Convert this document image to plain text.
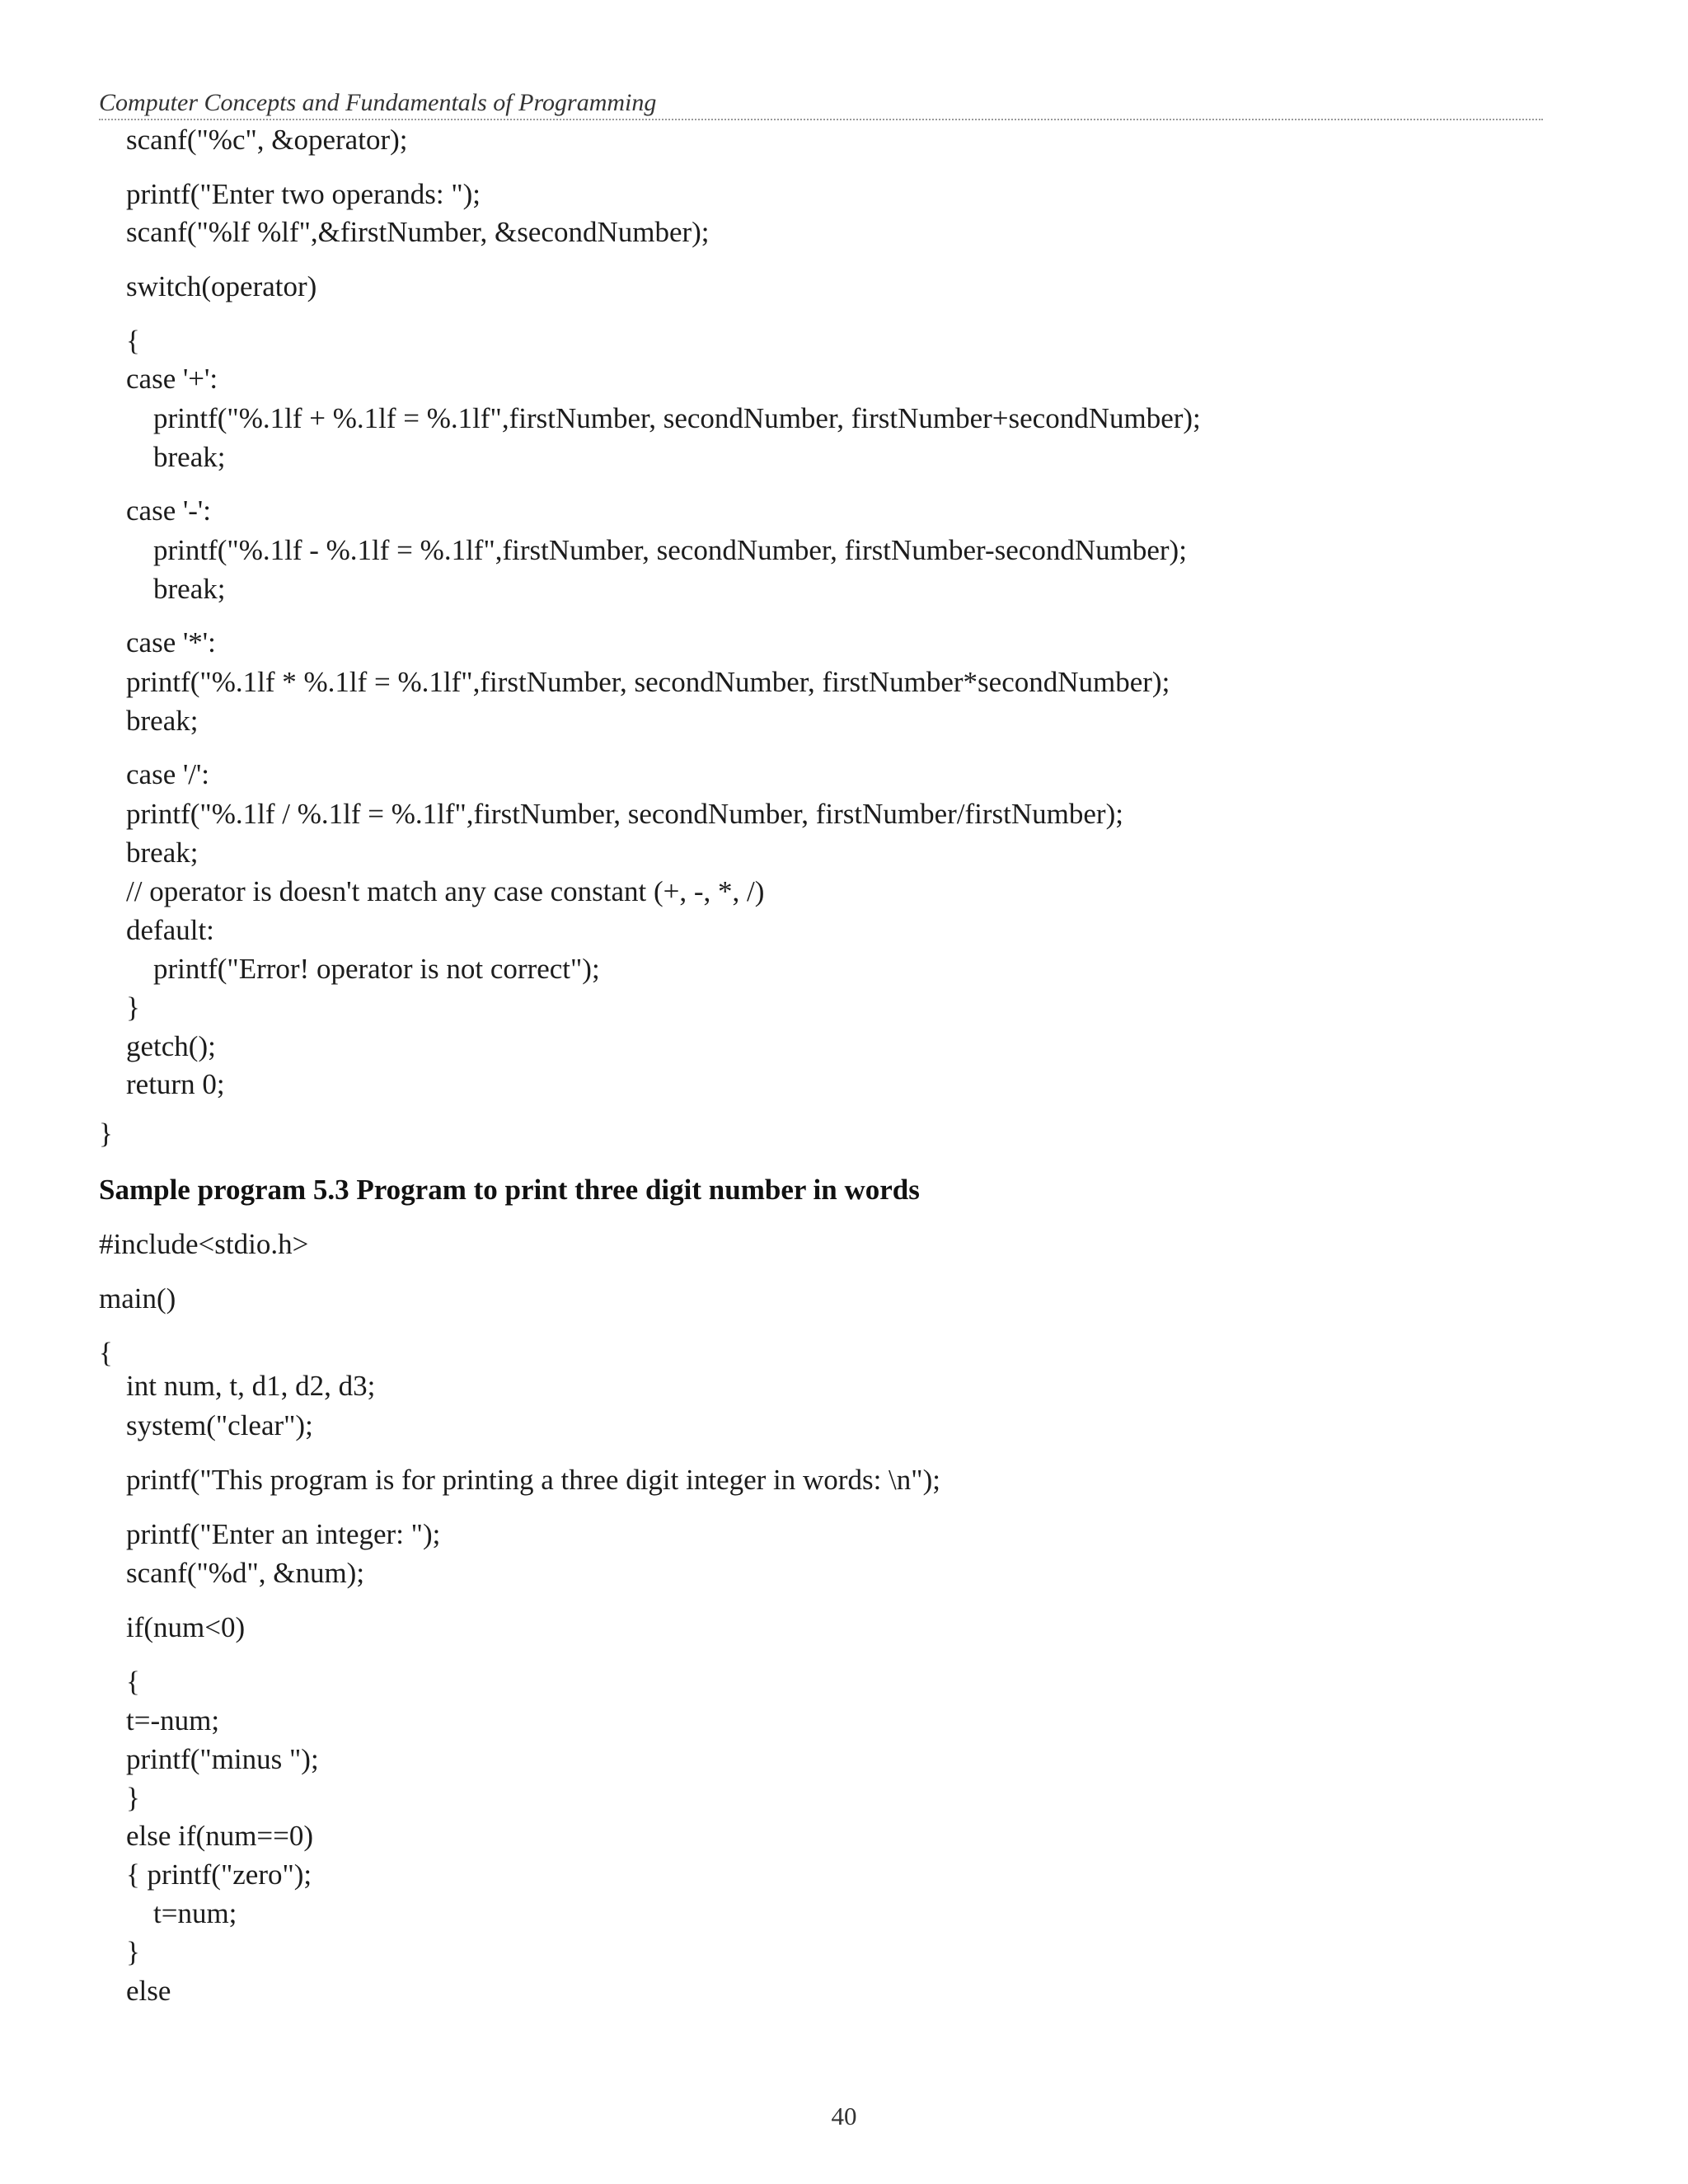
Computer Concepts and Fundamentals of Programming
scanf("%c", &operator);
printf("Enter two operands: ");
scanf("%lf %lf",&firstNumber, &secondNumber);
switch(operator)
{
case '+':
printf("%.1lf + %.1lf = %.1lf",firstNumber, secondNumber, firstNumber+secondNumber);
break;
case '-':
printf("%.1lf - %.1lf = %.1lf",firstNumber, secondNumber, firstNumber-secondNumber);
break;
case '*':
printf("%.1lf * %.1lf = %.1lf",firstNumber, secondNumber, firstNumber*secondNumber);
break;
case '/':
printf("%.1lf / %.1lf = %.1lf",firstNumber, secondNumber, firstNumber/firstNumber);
break;
// operator is doesn't match any case constant (+, -, *, /)
default:
printf("Error! operator is not correct");
}
getch();
return 0;
}
Sample program 5.3 Program to print three digit number in words
#include<stdio.h>
main()
{
int num, t, d1, d2, d3;
system("clear");
printf("This program is for printing a three digit integer in words: \n");
printf("Enter an integer: ");
scanf("%d", &num);
if(num<0)
{
t=-num;
printf("minus ");
}
else if(num==0)
{ printf("zero");
t=num;
}
else
40
